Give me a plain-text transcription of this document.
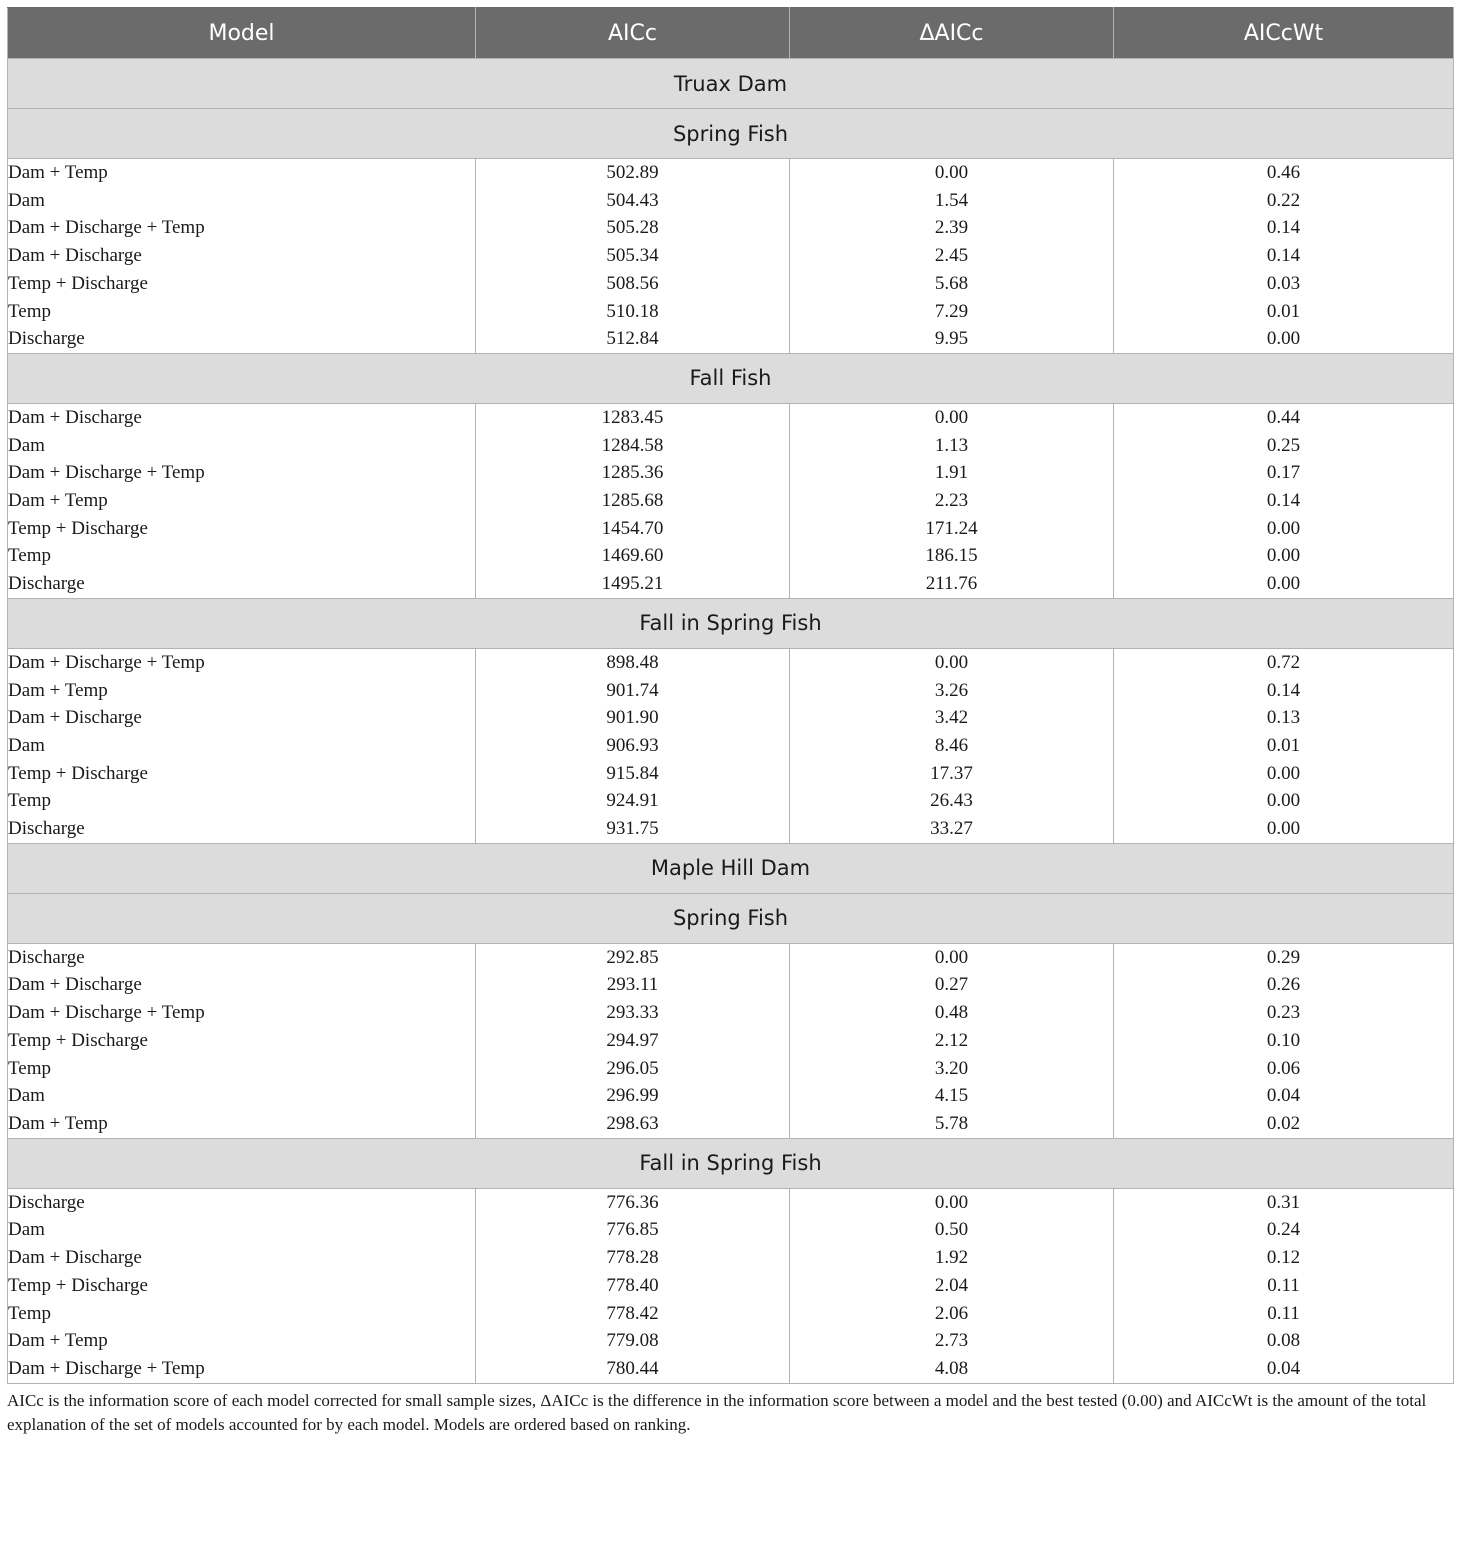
Model	AICc	ΔAICc	AICcWt
Truax Dam			
Spring Fish			
Dam + Temp	502.89	0.00	0.46
Dam	504.43	1.54	0.22
Dam + Discharge + Temp	505.28	2.39	0.14
Dam + Discharge	505.34	2.45	0.14
Temp + Discharge	508.56	5.68	0.03
Temp	510.18	7.29	0.01
Discharge	512.84	9.95	0.00
Fall Fish			
Dam + Discharge	1283.45	0.00	0.44
Dam	1284.58	1.13	0.25
Dam + Discharge + Temp	1285.36	1.91	0.17
Dam + Temp	1285.68	2.23	0.14
Temp + Discharge	1454.70	171.24	0.00
Temp	1469.60	186.15	0.00
Discharge	1495.21	211.76	0.00
Fall in Spring Fish			
Dam + Discharge + Temp	898.48	0.00	0.72
Dam + Temp	901.74	3.26	0.14
Dam + Discharge	901.90	3.42	0.13
Dam	906.93	8.46	0.01
Temp + Discharge	915.84	17.37	0.00
Temp	924.91	26.43	0.00
Discharge	931.75	33.27	0.00
Maple Hill Dam			
Spring Fish			
Discharge	292.85	0.00	0.29
Dam + Discharge	293.11	0.27	0.26
Dam + Discharge + Temp	293.33	0.48	0.23
Temp + Discharge	294.97	2.12	0.10
Temp	296.05	3.20	0.06
Dam	296.99	4.15	0.04
Dam + Temp	298.63	5.78	0.02
Fall in Spring Fish			
Discharge	776.36	0.00	0.31
Dam	776.85	0.50	0.24
Dam + Discharge	778.28	1.92	0.12
Temp + Discharge	778.40	2.04	0.11
Temp	778.42	2.06	0.11
Dam + Temp	779.08	2.73	0.08
Dam + Discharge + Temp	780.44	4.08	0.04

AICc is the information score of each model corrected for small sample sizes, ΔAICc is the difference in the information score between a model and the best tested (0.00) and AICcWt is the amount of the total explanation of the set of models accounted for by each model. Models are ordered based on ranking.
